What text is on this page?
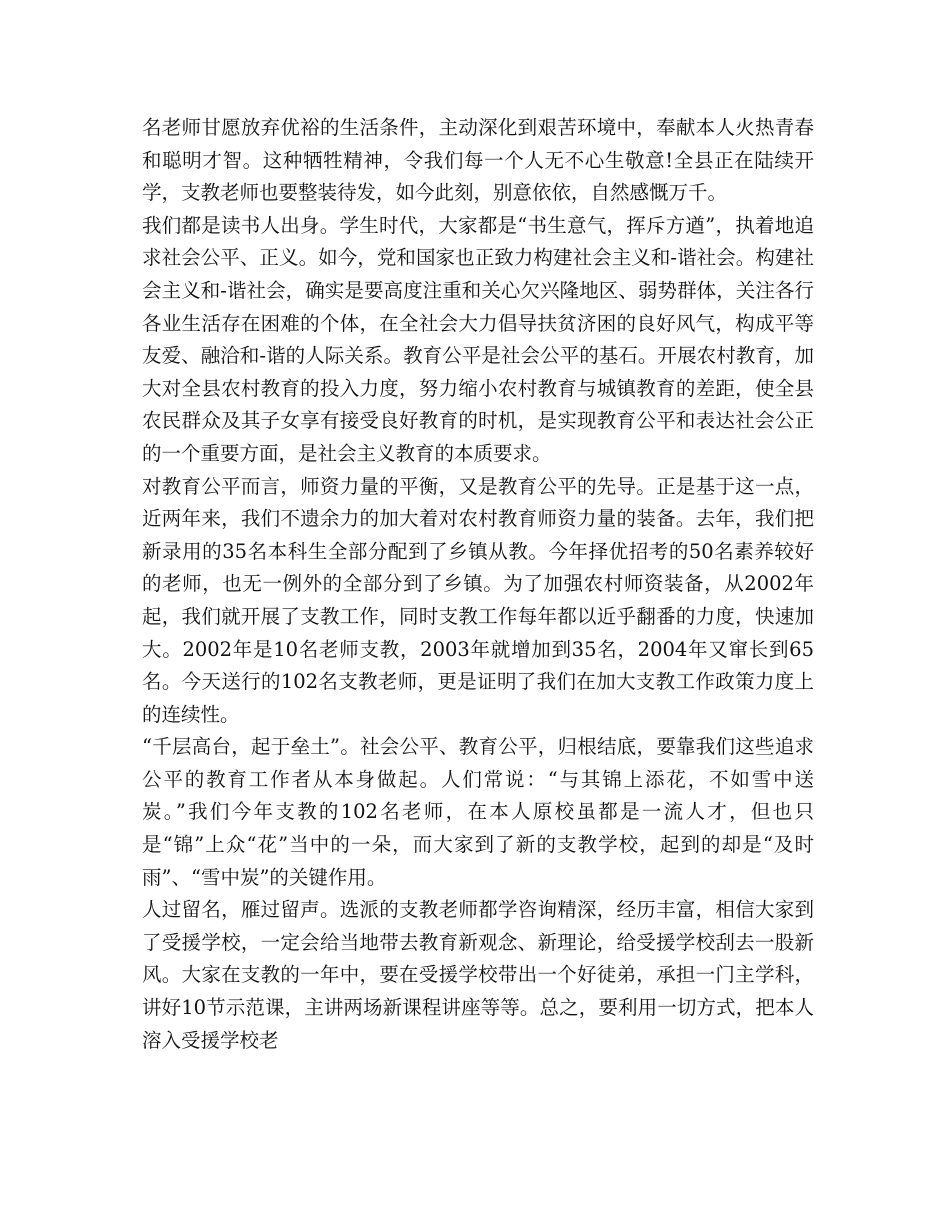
名老师甘愿放弃优裕的生活条件，主动深化到艰苦环境中，奉献本人火热青春和聪明才智。这种牺牲精神，令我们每一个人无不心生敬意!全县正在陆续开学，支教老师也要整装待发，如今此刻，别意依依，自然感慨万千。

我们都是读书人出身。学生时代，大家都是“书生意气，挥斥方遒”，执着地追求社会公平、正义。如今，党和国家也正致力构建社会主义和-谐社会。构建社会主义和-谐社会，确实是要高度注重和关心欠兴隆地区、弱势群体，关注各行各业生活存在困难的个体，在全社会大力倡导扶贫济困的良好风气，构成平等友爱、融洽和-谐的人际关系。教育公平是社会公平的基石。开展农村教育，加大对全县农村教育的投入力度，努力缩小农村教育与城镇教育的差距，使全县农民群众及其子女享有接受良好教育的时机，是实现教育公平和表达社会公正的一个重要方面，是社会主义教育的本质要求。

对教育公平而言，师资力量的平衡，又是教育公平的先导。正是基于这一点，近两年来，我们不遗余力的加大着对农村教育师资力量的装备。去年，我们把新录用的35名本科生全部分配到了乡镇从教。今年择优招考的50名素养较好的老师，也无一例外的全部分到了乡镇。为了加强农村师资装备，从2002年起，我们就开展了支教工作，同时支教工作每年都以近乎翻番的力度，快速加大。2002年是10名老师支教，2003年就增加到35名，2004年又窜长到65名。今天送行的102名支教老师，更是证明了我们在加大支教工作政策力度上的连续性。

“千层高台，起于垒土”。社会公平、教育公平，归根结底，要靠我们这些追求公平的教育工作者从本身做起。人们常说：“与其锦上添花，不如雪中送炭。”我们今年支教的102名老师，在本人原校虽都是一流人才，但也只是“锦”上众“花”当中的一朵，而大家到了新的支教学校，起到的却是“及时雨”、“雪中炭”的关键作用。

人过留名，雁过留声。选派的支教老师都学咨询精深，经历丰富，相信大家到了受援学校，一定会给当地带去教育新观念、新理论，给受援学校刮去一股新风。大家在支教的一年中，要在受援学校带出一个好徒弟，承担一门主学科，讲好10节示范课，主讲两场新课程讲座等等。总之，要利用一切方式，把本人溶入受援学校老
